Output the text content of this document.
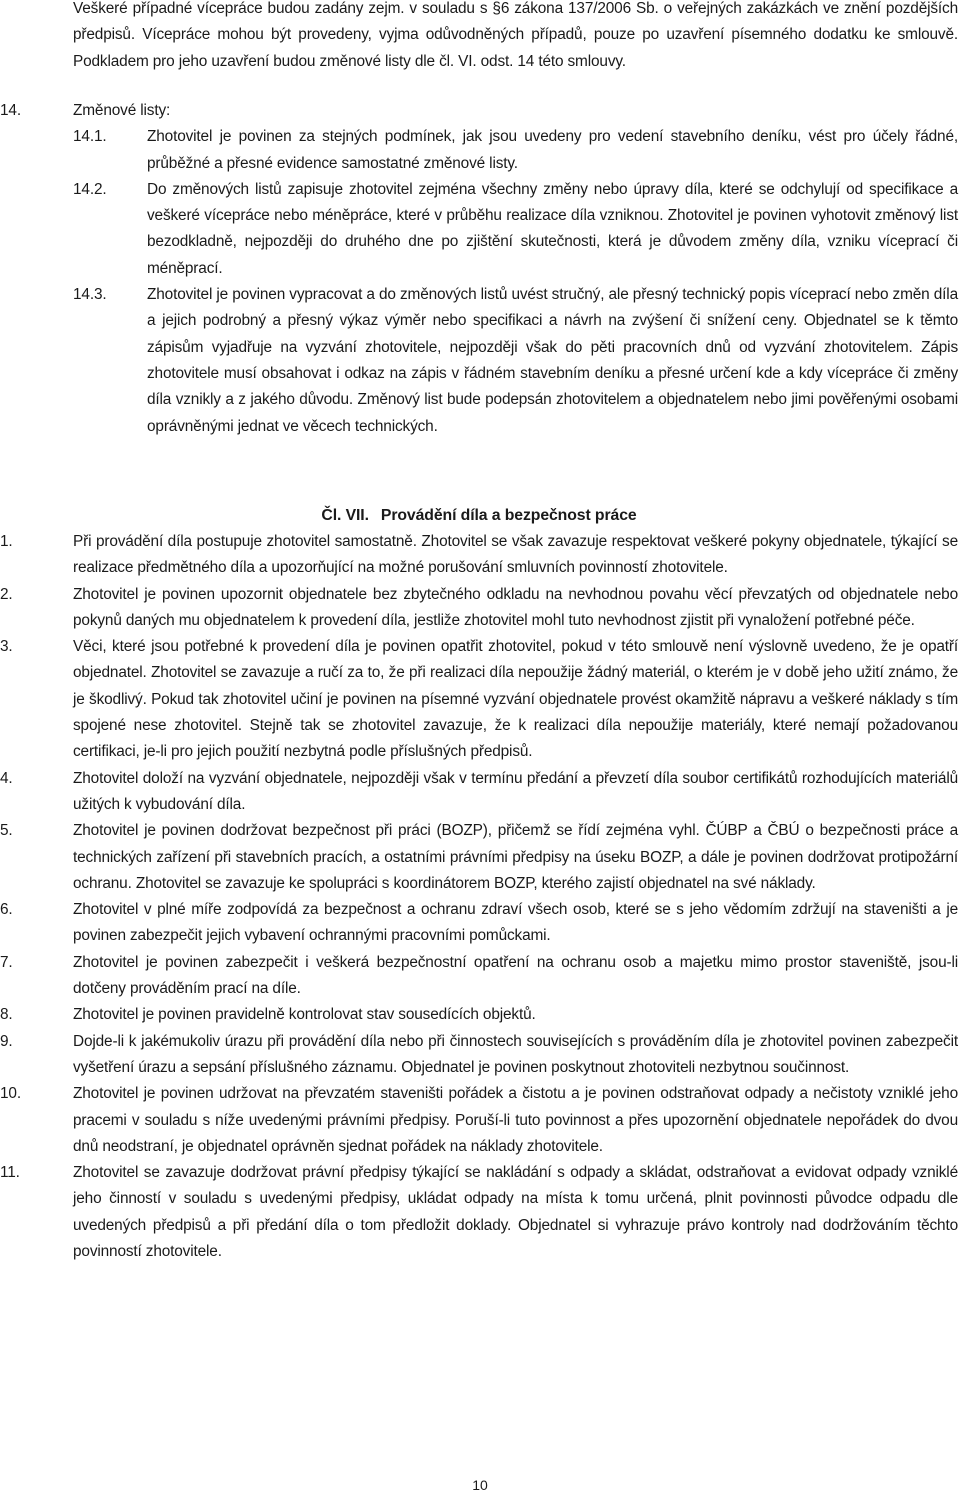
Veškeré případné vícepráce budou zadány zejm. v souladu s §6 zákona 137/2006 Sb. o veřejných zakázkách ve znění pozdějších předpisů. Vícepráce mohou být provedeny, vyjma odůvodněných případů, pouze po uzavření písemného dodatku ke smlouvě. Podkladem pro jeho uzavření budou změnové listy dle čl. VI. odst. 14 této smlouvy.

14.	Změnové listy:
14.1.	Zhotovitel je povinen za stejných podmínek, jak jsou uvedeny pro vedení stavebního deníku, vést pro účely řádné, průběžné a přesné evidence samostatné změnové listy.
14.2.	Do změnových listů zapisuje zhotovitel zejména všechny změny nebo úpravy díla, které se odchylují od specifikace a veškeré vícepráce nebo méněpráce, které v průběhu realizace díla vzniknou. Zhotovitel je povinen vyhotovit změnový list bezodkladně, nejpozději do druhého dne po zjištění skutečnosti, která je důvodem změny díla, vzniku víceprací či méněprací.
14.3.	Zhotovitel je povinen vypracovat a do změnových listů uvést stručný, ale přesný technický popis víceprací nebo změn díla a jejich podrobný a přesný výkaz výměr nebo specifikaci a návrh na zvýšení či snížení ceny. Objednatel se k těmto zápisům vyjadřuje na vyzvání zhotovitele, nejpozději však do pěti pracovních dnů od vyzvání zhotovitelem. Zápis zhotovitele musí obsahovat i odkaz na zápis v řádném stavebním deníku a přesné určení kde a kdy vícepráce či změny díla vznikly a z jakého důvodu. Změnový list bude podepsán zhotovitelem a objednatelem nebo jimi pověřenými osobami oprávněnými jednat ve věcech technických.
Čl. VII. Provádění díla a bezpečnost práce
1.	Při provádění díla postupuje zhotovitel samostatně. Zhotovitel se však zavazuje respektovat veškeré pokyny objednatele, týkající se realizace předmětného díla a upozorňující na možné porušování smluvních povinností zhotovitele.
2.	Zhotovitel je povinen upozornit objednatele bez zbytečného odkladu na nevhodnou povahu věcí převzatých od objednatele nebo pokynů daných mu objednatelem k provedení díla, jestliže zhotovitel mohl tuto nevhodnost zjistit při vynaložení potřebné péče.
3.	Věci, které jsou potřebné k provedení díla je povinen opatřit zhotovitel, pokud v této smlouvě není výslovně uvedeno, že je opatří objednatel. Zhotovitel se zavazuje a ručí za to, že při realizaci díla nepoužije žádný materiál, o kterém je v době jeho užití známo, že je škodlivý. Pokud tak zhotovitel učiní je povinen na písemné vyzvání objednatele provést okamžitě nápravu a veškeré náklady s tím spojené nese zhotovitel. Stejně tak se zhotovitel zavazuje, že k realizaci díla nepoužije materiály, které nemají požadovanou certifikaci, je-li pro jejich použití nezbytná podle příslušných předpisů.
4.	Zhotovitel doloží na vyzvání objednatele, nejpozději však v termínu předání a převzetí díla soubor certifikátů rozhodujících materiálů užitých k vybudování díla.
5.	Zhotovitel je povinen dodržovat bezpečnost při práci (BOZP), přičemž se řídí zejména vyhl. ČÚBP a ČBÚ o bezpečnosti práce a technických zařízení při stavebních pracích, a ostatními právními předpisy na úseku BOZP, a dále je povinen dodržovat protipožární ochranu. Zhotovitel se zavazuje ke spolupráci s koordinátorem BOZP, kterého zajistí objednatel na své náklady.
6.	Zhotovitel v plné míře zodpovídá za bezpečnost a ochranu zdraví všech osob, které se s jeho vědomím zdržují na staveništi a je povinen zabezpečit jejich vybavení ochrannými pracovními pomůckami.
7.	Zhotovitel je povinen zabezpečit i veškerá bezpečnostní opatření na ochranu osob a majetku mimo prostor staveniště, jsou-li dotčeny prováděním prací na díle.
8.	Zhotovitel je povinen pravidelně kontrolovat stav sousedících objektů.
9.	Dojde-li k jakémukoliv úrazu při provádění díla nebo při činnostech souvisejících s prováděním díla je zhotovitel povinen zabezpečit vyšetření úrazu a sepsání příslušného záznamu. Objednatel je povinen poskytnout zhotoviteli nezbytnou součinnost.
10.	Zhotovitel je povinen udržovat na převzatém staveništi pořádek a čistotu a je povinen odstraňovat odpady a nečistoty vzniklé jeho pracemi v souladu s níže uvedenými právními předpisy. Poruší-li tuto povinnost a přes upozornění objednatele nepořádek do dvou dnů neodstraní, je objednatel oprávněn sjednat pořádek na náklady zhotovitele.
11.	Zhotovitel se zavazuje dodržovat právní předpisy týkající se nakládání s odpady a skládat, odstraňovat a evidovat odpady vzniklé jeho činností v souladu s uvedenými předpisy, ukládat odpady na místa k tomu určená, plnit povinnosti původce odpadu dle uvedených předpisů a při předání díla o tom předložit doklady. Objednatel si vyhrazuje právo kontroly nad dodržováním těchto povinností zhotovitele.
10
